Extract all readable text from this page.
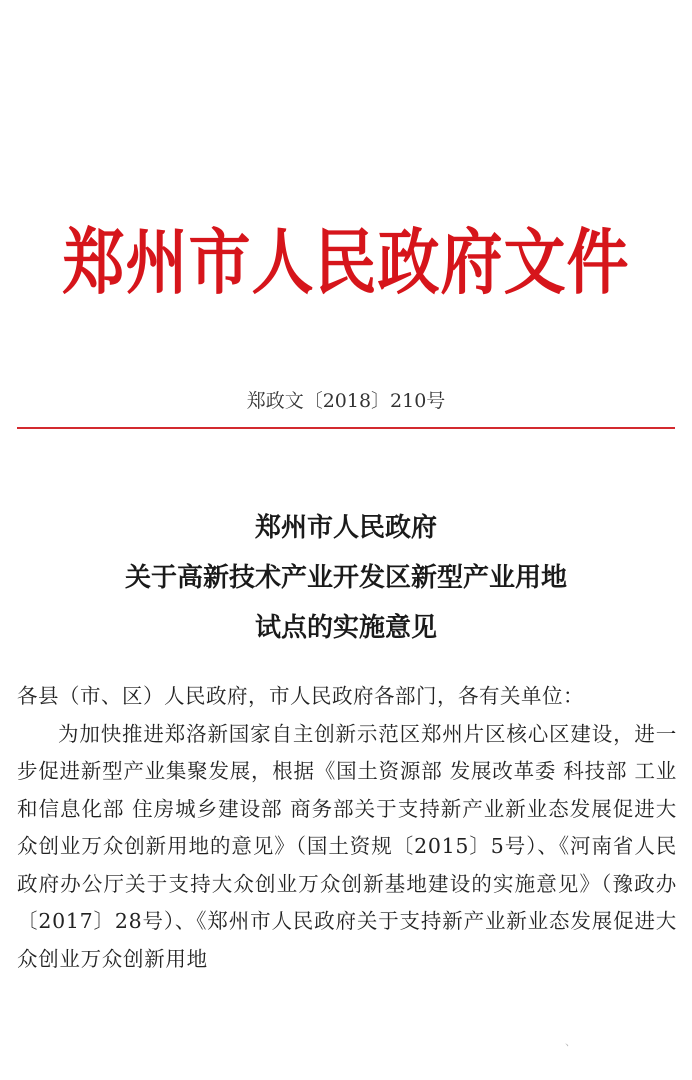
郑州市人民政府文件
郑政文〔2018〕210号
郑州市人民政府
关于高新技术产业开发区新型产业用地
试点的实施意见
各县（市、区）人民政府，市人民政府各部门，各有关单位：

为加快推进郑洛新国家自主创新示范区郑州片区核心区建设，进一步促进新型产业集聚发展，根据《国土资源部 发展改革委 科技部 工业和信息化部 住房城乡建设部 商务部关于支持新产业新业态发展促进大众创业万众创新用地的意见》（国土资规〔2015〕5号）、《河南省人民政府办公厅关于支持大众创业万众创新基地建设的实施意见》（豫政办〔2017〕28号）、《郑州市人民政府关于支持新产业新业态发展促进大众创业万众创新用地

、
